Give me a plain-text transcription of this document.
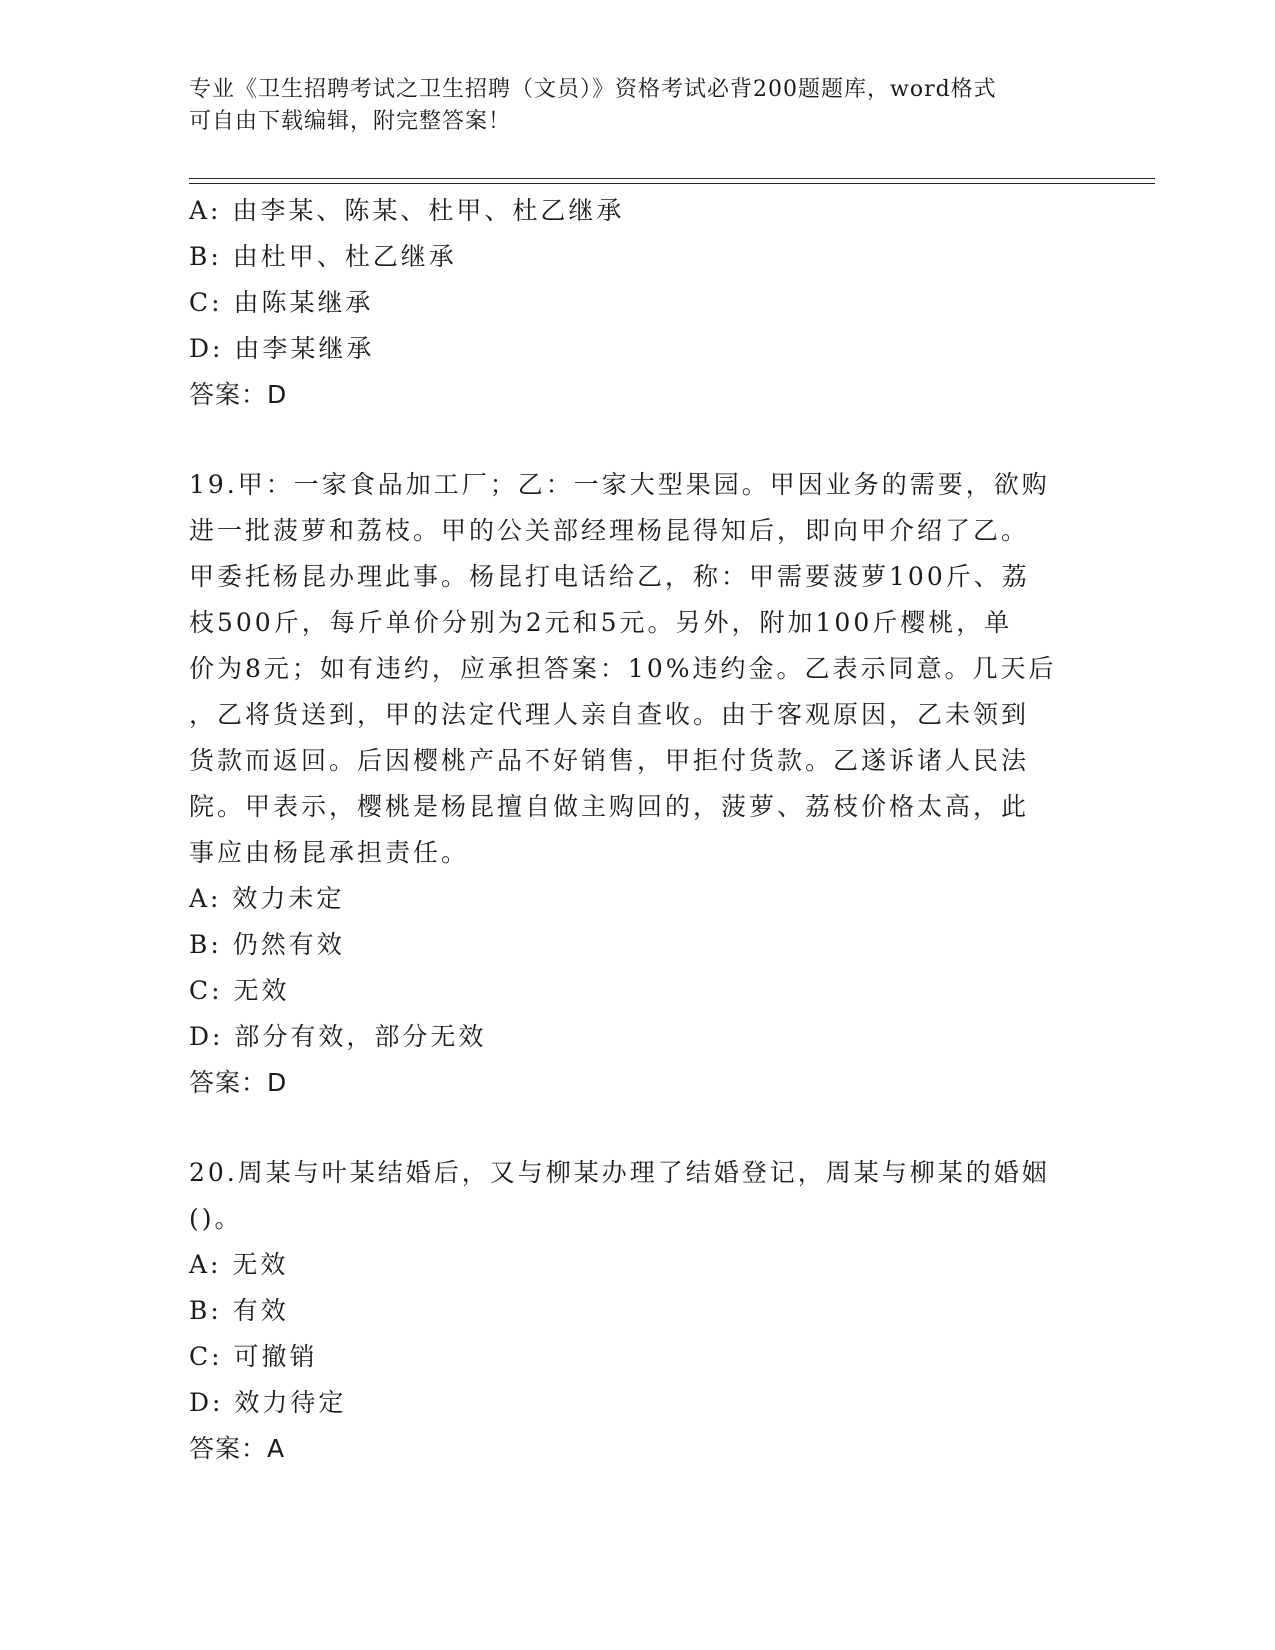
专业《卫生招聘考试之卫生招聘（文员）》资格考试必背200题题库，word格式
可自由下载编辑，附完整答案！

A: 由李某、陈某、杜甲、杜乙继承

B: 由杜甲、杜乙继承

C: 由陈某继承

D: 由李某继承

答案：D

19.甲：一家食品加工厂；乙：一家大型果园。甲因业务的需要，欲购

进一批菠萝和荔枝。甲的公关部经理杨昆得知后，即向甲介绍了乙。

甲委托杨昆办理此事。杨昆打电话给乙，称：甲需要菠萝100斤、荔

枝500斤，每斤单价分别为2元和5元。另外，附加100斤樱桃，单

价为8元；如有违约，应承担答案：10%违约金。乙表示同意。几天后

，乙将货送到，甲的法定代理人亲自查收。由于客观原因，乙未领到

货款而返回。后因樱桃产品不好销售，甲拒付货款。乙遂诉诸人民法

院。甲表示，樱桃是杨昆擅自做主购回的，菠萝、荔枝价格太高，此

事应由杨昆承担责任。

A: 效力未定

B: 仍然有效

C: 无效

D: 部分有效，部分无效

答案：D

20.周某与叶某结婚后，又与柳某办理了结婚登记，周某与柳某的婚姻

()。

A: 无效

B: 有效

C: 可撤销

D: 效力待定

答案：A
